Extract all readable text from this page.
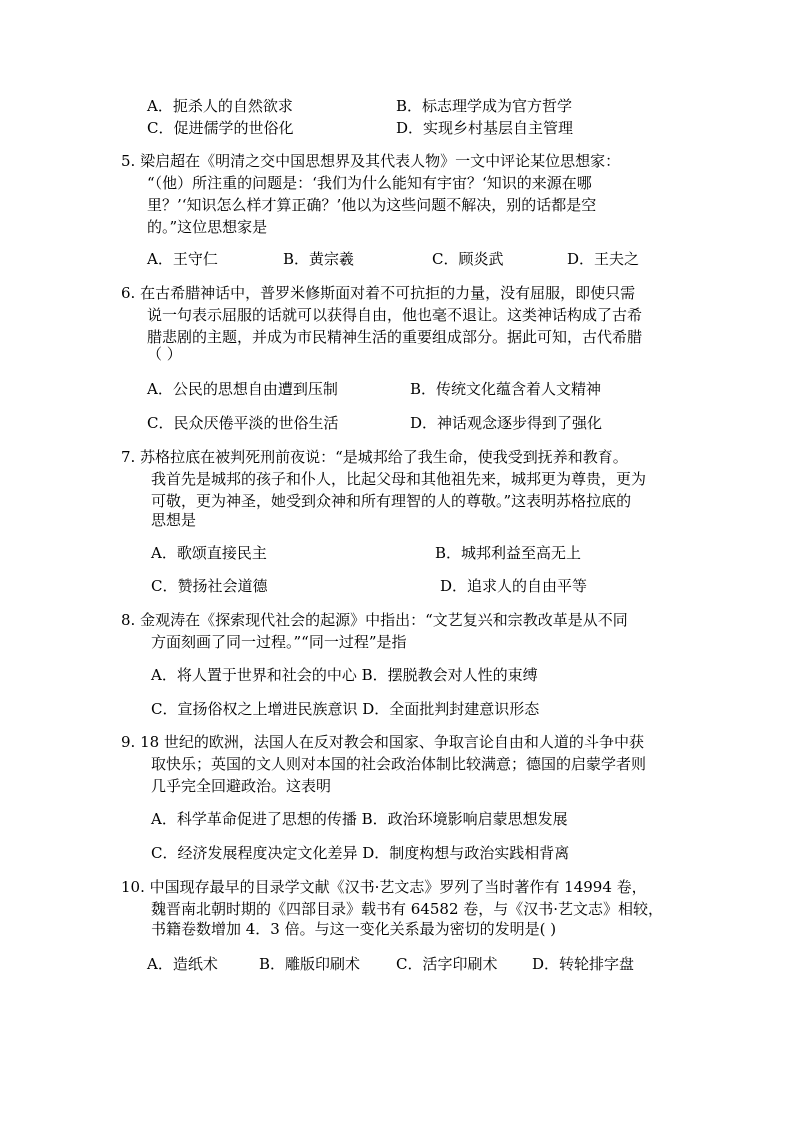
A．扼杀人的自然欲求	B．标志理学成为官方哲学
C．促进儒学的世俗化	D．实现乡村基层自主管理
5. 梁启超在《明清之交中国思想界及其代表人物》一文中评论某位思想家：
“（他）所注重的问题是：‘我们为什么能知有宇宙？‘知识的来源在哪
里？’‘知识怎么样才算正确？’他以为这些问题不解决，别的话都是空
的。”这位思想家是
A．王守仁	B．黄宗羲	C．顾炎武	D．王夫之
6. 在古希腊神话中，普罗米修斯面对着不可抗拒的力量，没有屈服，即使只需
说一句表示屈服的话就可以获得自由，他也毫不退让。这类神话构成了古希
腊悲剧的主题，并成为市民精神生活的重要组成部分。据此可知，古代希腊
（ ）
A．公民的思想自由遭到压制	B．传统文化蕴含着人文精神
C．民众厌倦平淡的世俗生活	D．神话观念逐步得到了强化
7. 苏格拉底在被判死刑前夜说：“是城邦给了我生命，使我受到抚养和教育。
我首先是城邦的孩子和仆人，比起父母和其他祖先来，城邦更为尊贵，更为
可敬，更为神圣，她受到众神和所有理智的人的尊敬。”这表明苏格拉底的
思想是
A．歌颂直接民主	B．城邦利益至高无上
C．赞扬社会道德	D．追求人的自由平等
8. 金观涛在《探索现代社会的起源》中指出：“文艺复兴和宗教改革是从不同
方面刻画了同一过程。”“同一过程”是指
A．将人置于世界和社会的中心 B．摆脱教会对人性的束缚
C．宣扬俗权之上增进民族意识 D．全面批判封建意识形态
9. 18 世纪的欧洲，法国人在反对教会和国家、争取言论自由和人道的斗争中获
取快乐；英国的文人则对本国的社会政治体制比较满意；德国的启蒙学者则
几乎完全回避政治。这表明
A．科学革命促进了思想的传播 B．政治环境影响启蒙思想发展
C．经济发展程度决定文化差异 D．制度构想与政治实践相背离
10. 中国现存最早的目录学文献《汉书·艺文志》罗列了当时著作有 14994 卷，
魏晋南北朝时期的《四部目录》载书有 64582 卷，与《汉书·艺文志》相较，
书籍卷数增加 4．3 倍。与这一变化关系最为密切的发明是( )
A．造纸术	B．雕版印刷术 C．活字印刷术 D．转轮排字盘
